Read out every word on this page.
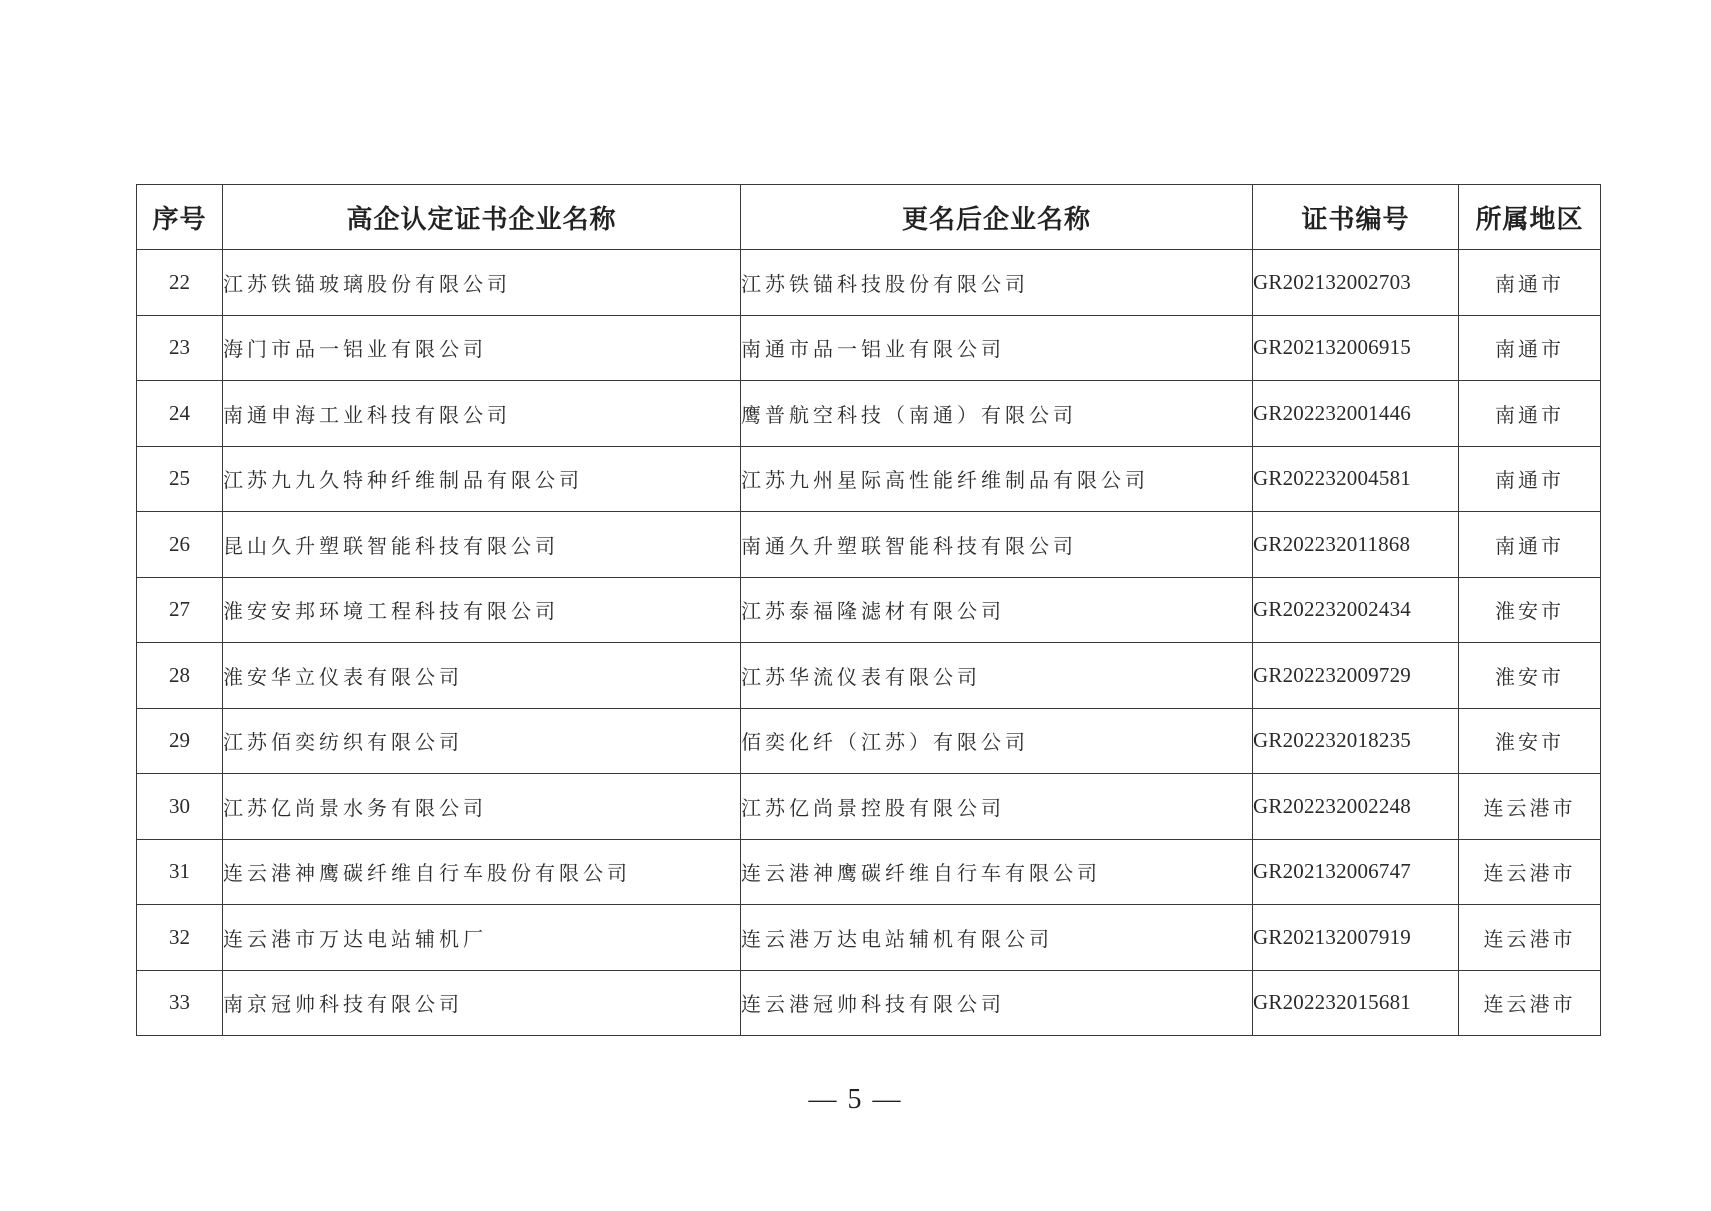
序号	高企认定证书企业名称	更名后企业名称	证书编号	所属地区
22	江苏铁锚玻璃股份有限公司	江苏铁锚科技股份有限公司	GR202132002703	南通市
23	海门市品一铝业有限公司	南通市品一铝业有限公司	GR202132006915	南通市
24	南通申海工业科技有限公司	鹰普航空科技（南通）有限公司	GR202232001446	南通市
25	江苏九九久特种纤维制品有限公司	江苏九州星际高性能纤维制品有限公司	GR202232004581	南通市
26	昆山久升塑联智能科技有限公司	南通久升塑联智能科技有限公司	GR202232011868	南通市
27	淮安安邦环境工程科技有限公司	江苏泰福隆滤材有限公司	GR202232002434	淮安市
28	淮安华立仪表有限公司	江苏华流仪表有限公司	GR202232009729	淮安市
29	江苏佰奕纺织有限公司	佰奕化纤（江苏）有限公司	GR202232018235	淮安市
30	江苏亿尚景水务有限公司	江苏亿尚景控股有限公司	GR202232002248	连云港市
31	连云港神鹰碳纤维自行车股份有限公司	连云港神鹰碳纤维自行车有限公司	GR202132006747	连云港市
32	连云港市万达电站辅机厂	连云港万达电站辅机有限公司	GR202132007919	连云港市
33	南京冠帅科技有限公司	连云港冠帅科技有限公司	GR202232015681	连云港市
— 5 —
